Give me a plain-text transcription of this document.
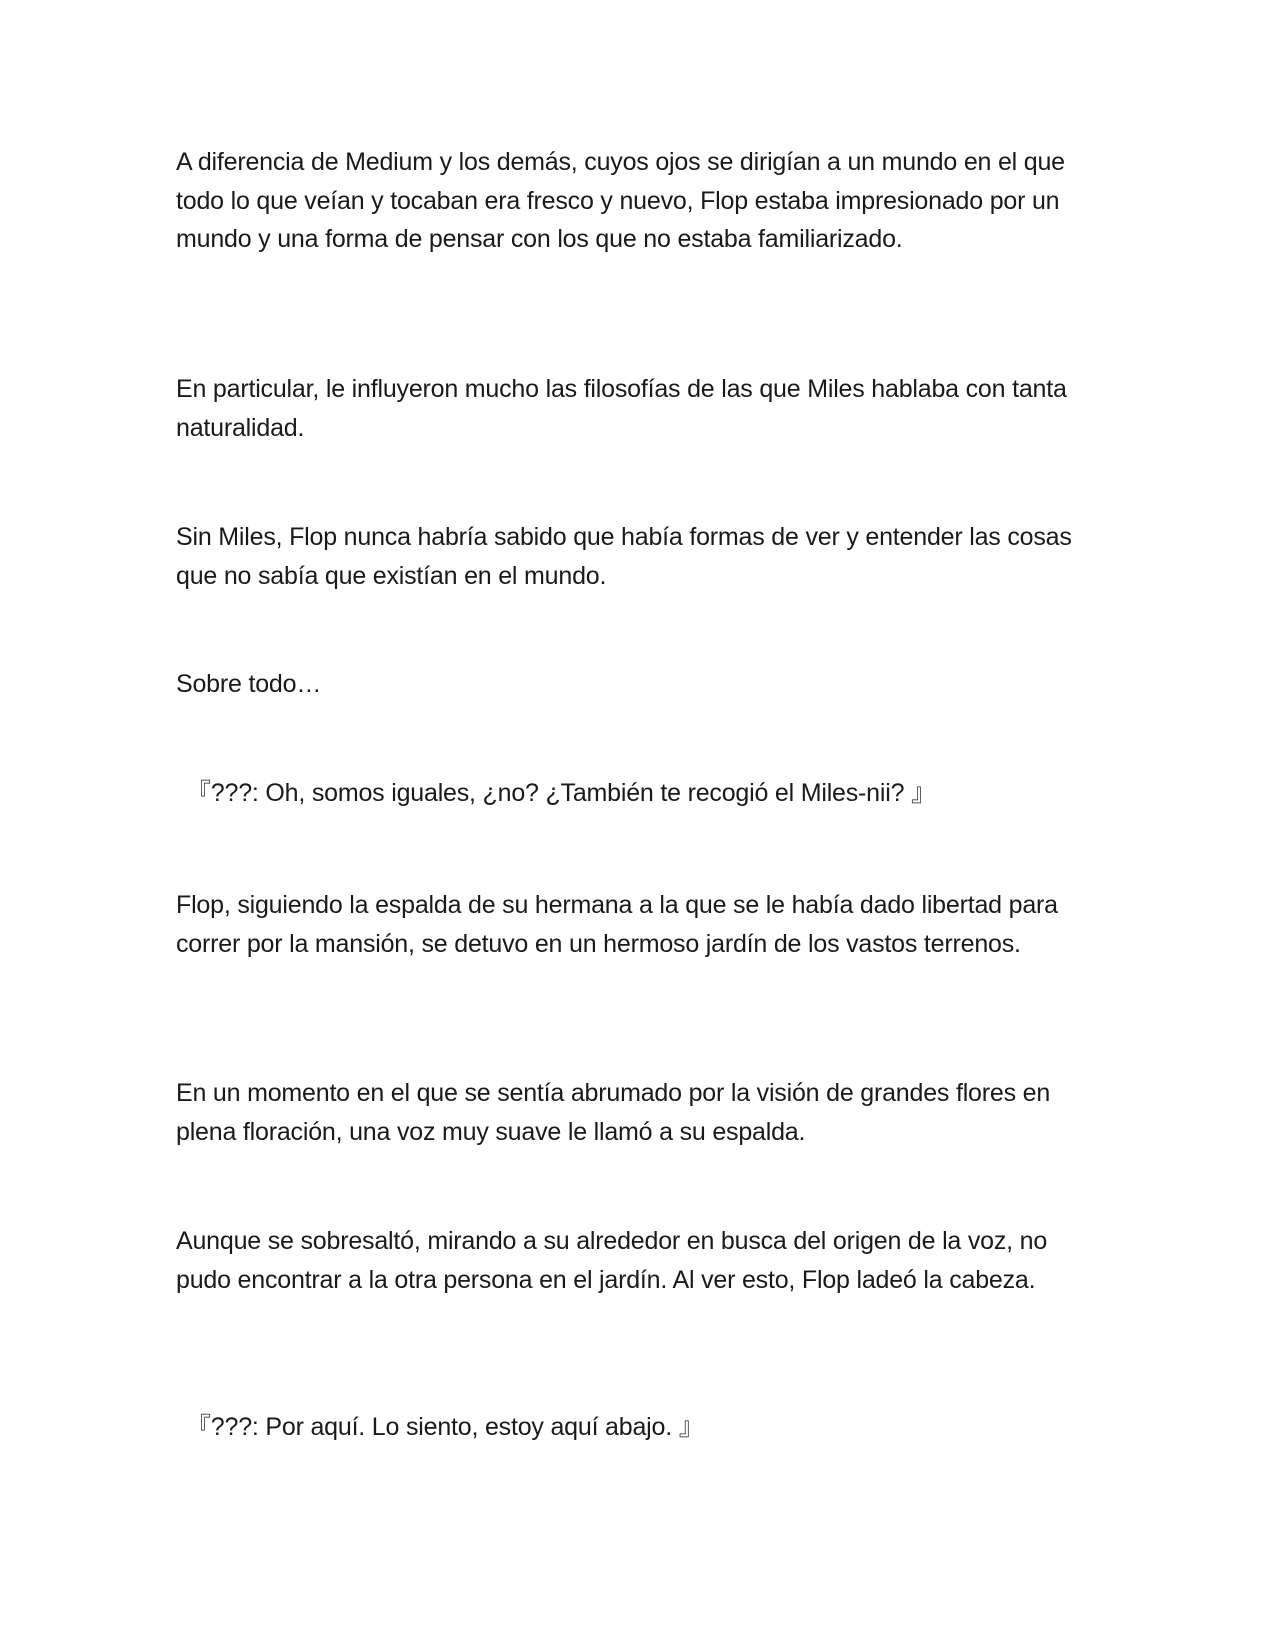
A diferencia de Medium y los demás, cuyos ojos se dirigían a un mundo en el que todo lo que veían y tocaban era fresco y nuevo, Flop estaba impresionado por un mundo y una forma de pensar con los que no estaba familiarizado.

En particular, le influyeron mucho las filosofías de las que Miles hablaba con tanta naturalidad.

Sin Miles, Flop nunca habría sabido que había formas de ver y entender las cosas que no sabía que existían en el mundo.

Sobre todo…

『???: Oh, somos iguales, ¿no? ¿También te recogió el Miles-nii? 』

Flop, siguiendo la espalda de su hermana a la que se le había dado libertad para correr por la mansión, se detuvo en un hermoso jardín de los vastos terrenos.

En un momento en el que se sentía abrumado por la visión de grandes flores en plena floración, una voz muy suave le llamó a su espalda.

Aunque se sobresaltó, mirando a su alrededor en busca del origen de la voz, no pudo encontrar a la otra persona en el jardín. Al ver esto, Flop ladeó la cabeza.

『???: Por aquí. Lo siento, estoy aquí abajo. 』
